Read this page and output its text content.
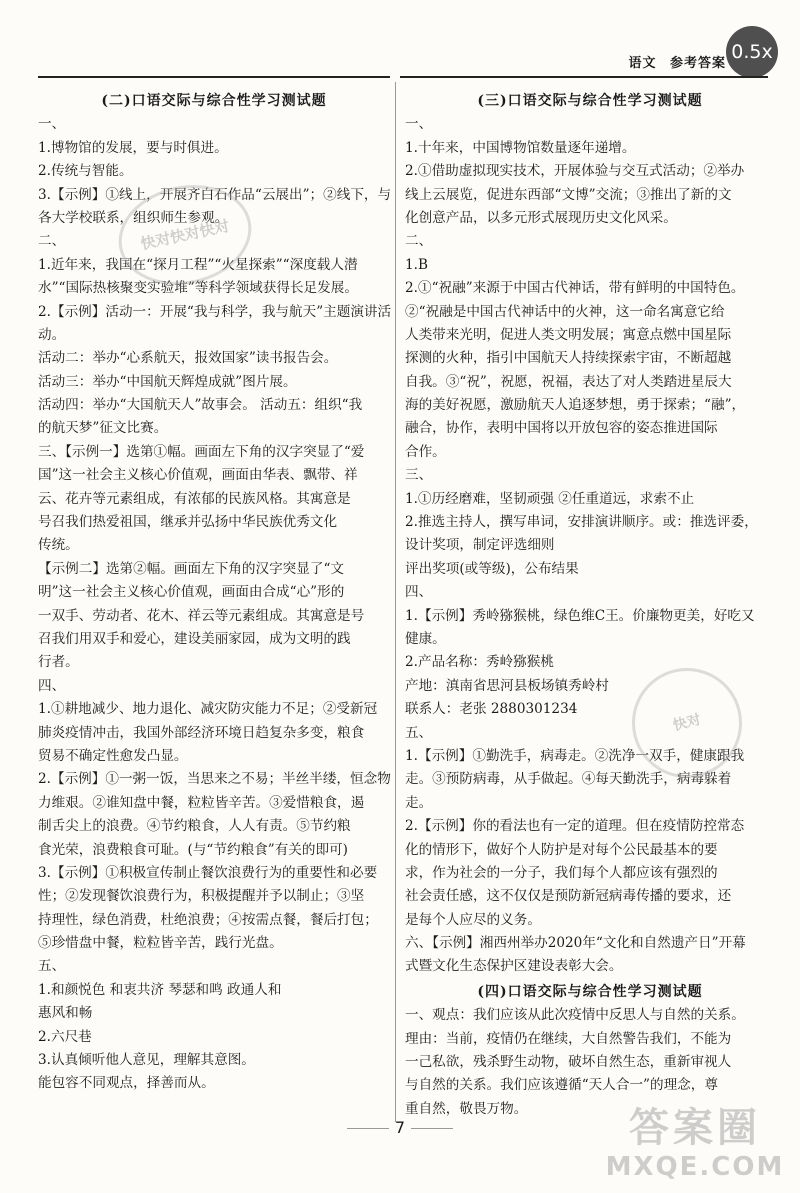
语文 参考答案
0.5x
(二)口语交际与综合性学习测试题
一、
1.博物馆的发展，要与时俱进。
2.传统与智能。
3.【示例】①线上，开展齐白石作品“云展出”；②线下，与
各大学校联系，组织师生参观。
二、
1.近年来，我国在“探月工程”“火星探索”“深度载人潜
水”“国际热核聚变实验堆”等科学领域获得长足发展。
2.【示例】活动一：开展“我与科学，我与航天”主题演讲活
动。
活动二：举办“心系航天，报效国家”读书报告会。
活动三：举办“中国航天辉煌成就”图片展。
活动四：举办“大国航天人”故事会。 活动五：组织“我
的航天梦”征文比赛。
三、【示例一】选第①幅。画面左下角的汉字突显了“爱
国”这一社会主义核心价值观，画面由华表、飘带、祥
云、花卉等元素组成，有浓郁的民族风格。其寓意是
号召我们热爱祖国，继承并弘扬中华民族优秀文化
传统。
【示例二】选第②幅。画面左下角的汉字突显了“文
明”这一社会主义核心价值观，画面由合成“心”形的
一双手、劳动者、花木、祥云等元素组成。其寓意是号
召我们用双手和爱心，建设美丽家园，成为文明的践
行者。
四、
1.①耕地减少、地力退化、减灾防灾能力不足；②受新冠
肺炎疫情冲击，我国外部经济环境日趋复杂多变，粮食
贸易不确定性愈发凸显。
2.【示例】①一粥一饭，当思来之不易；半丝半缕，恒念物
力维艰。②谁知盘中餐，粒粒皆辛苦。③爱惜粮食，遏
制舌尖上的浪费。④节约粮食，人人有责。⑤节约粮
食光荣，浪费粮食可耻。(与“节约粮食”有关的即可)
3.【示例】①积极宣传制止餐饮浪费行为的重要性和必要
性；②发现餐饮浪费行为，积极提醒并予以制止；③坚
持理性，绿色消费，杜绝浪费；④按需点餐，餐后打包；
⑤珍惜盘中餐，粒粒皆辛苦，践行光盘。
五、
1.和颜悦色 和衷共济 琴瑟和鸣 政通人和
惠风和畅
2.六尺巷
3.认真倾听他人意见，理解其意图。
能包容不同观点，择善而从。
(三)口语交际与综合性学习测试题
一、
1.十年来，中国博物馆数量逐年递增。
2.①借助虚拟现实技术，开展体验与交互式活动；②举办
线上云展览，促进东西部“文博”交流；③推出了新的文
化创意产品，以多元形式展现历史文化风采。
二、
1.B
2.①“祝融”来源于中国古代神话，带有鲜明的中国特色。
②“祝融是中国古代神话中的火神，这一命名寓意它给
人类带来光明，促进人类文明发展；寓意点燃中国星际
探测的火种，指引中国航天人持续探索宇宙，不断超越
自我。③“祝”，祝愿，祝福，表达了对人类踏进星辰大
海的美好祝愿，激励航天人追逐梦想，勇于探索；“融”，
融合，协作，表明中国将以开放包容的姿态推进国际
合作。
三、
1.①历经磨难，坚韧顽强 ②任重道远，求索不止
2.推选主持人，撰写串词，安排演讲顺序。或：推选评委，
设计奖项，制定评选细则
评出奖项(或等级)，公布结果
四、
1.【示例】秀岭猕猴桃，绿色维C王。价廉物更美，好吃又
健康。
2.产品名称：秀岭猕猴桃
产地：滇南省思河县板场镇秀岭村
联系人：老张 2880301234
五、
1.【示例】①勤洗手，病毒走。②洗净一双手，健康跟我
走。③预防病毒，从手做起。④每天勤洗手，病毒躲着
走。
2.【示例】你的看法也有一定的道理。但在疫情防控常态
化的情形下，做好个人防护是对每个公民最基本的要
求，作为社会的一分子，我们每个人都应该有强烈的
社会责任感，这不仅仅是预防新冠病毒传播的要求，还
是每个人应尽的义务。
六、【示例】湘西州举办2020年“文化和自然遗产日”开幕
式暨文化生态保护区建设表彰大会。
(四)口语交际与综合性学习测试题
一、观点：我们应该从此次疫情中反思人与自然的关系。
理由：当前，疫情仍在继续，大自然警告我们，不能为
一己私欲，残杀野生动物，破坏自然生态，重新审视人
与自然的关系。我们应该遵循“天人合一”的理念，尊
重自然，敬畏万物。
快对快对快对
快对
7	答案圈
MXQE.COM
